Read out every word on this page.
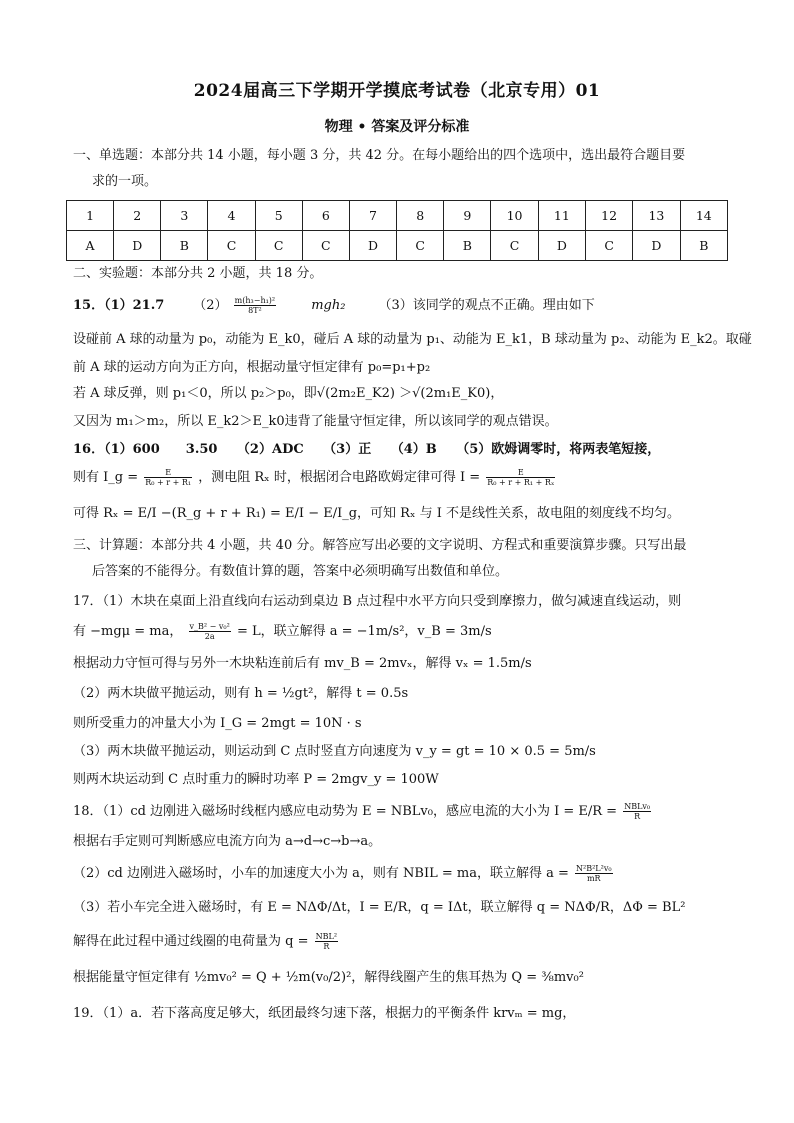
2024届高三下学期开学摸底考试卷（北京专用）01
物理 • 答案及评分标准
一、单选题：本部分共 14 小题，每小题 3 分，共 42 分。在每小题给出的四个选项中，选出最符合题目要
求的一项。
1	2	3	4	5	6	7	8	9	10	11	12	13	14
A	D	B	C	C	C	D	C	B	C	D	C	D	B
二、实验题：本部分共 2 小题，共 18 分。
15．（1）21.7 $(2) \frac{\text{m(h₃−h₁)²}}{\text{8T²}}$	mgh₂	（3）该同学的观点不正确。理由如下
设碰前 A 球的动量为 p₀，动能为 E_k0，碰后 A 球的动量为 p₁、动能为 E_k1，B 球动量为 p₂、动能为 E_k2。取碰
前 A 球的运动方向为正方向，根据动量守恒定律有 p₀=p₁+p₂
若 A 球反弹，则 p₁＜0，所以 p₂＞p₀，即√(2m₂E_K2) ＞√(2m₁E_K0)，
又因为 m₁＞m₂，所以 E_k2＞E_k0违背了能量守恒定律，所以该同学的观点错误。
16．（1）600　　3.50　　（2）ADC　　（3）正　　（4）B　　（5）欧姆调零时，将两表笔短接，
则有 I_g = $\frac{E}{\text{R₀ + r + R₁}}$ ，测电阻 Rₓ 时，根据闭合电路欧姆定律可得 $I = \frac{E}{\text{R₀ + r + R₁ + Rₓ}}$
可得 Rₓ = E/I −(R_g + r + R₁) = E/I − E/I_g，可知 Rₓ 与 I 不是线性关系，故电阻的刻度线不均匀。
三、计算题：本部分共 4 小题，共 40 分。解答应写出必要的文字说明、方程式和重要演算步骤。只写出最
后答案的不能得分。有数值计算的题，答案中必须明确写出数值和单位。
17．（1）木块在桌面上沿直线向右运动到桌边 B 点过程中水平方向只受到摩擦力，做匀减速直线运动，则
有 −mgμ = ma， $\frac{\text{v\_B² − v₀²}}{2a} = L$，联立解得 a = −1m/s²，v_B = 3m/s
根据动力守恒可得与另外一木块粘连前后有 mv_B = 2mvₓ，解得 vₓ = 1.5m/s
（2）两木块做平抛运动，则有 h = ½gt²，解得 t = 0.5s
则所受重力的冲量大小为 I_G = 2mgt = 10N · s
（3）两木块做平抛运动，则运动到 C 点时竖直方向速度为 v_y = gt = 10 × 0.5 = 5m/s
则两木块运动到 C 点时重力的瞬时功率 P = 2mgv_y = 100W
18．（1）cd 边刚进入磁场时线框内感应电动势为 E = NBLv₀，感应电流的大小为 $I = E/R = \frac{\text{NBLv₀}}{R}$
根据右手定则可判断感应电流方向为 a→d→c→b→a。
（2）cd 边刚进入磁场时，小车的加速度大小为 a，则有 NBIL = ma，联立解得 $a = \frac{\text{N²B²L²v₀}}{mR}$
（3）若小车完全进入磁场时，有 E = NΔΦ/Δt，I = E/R，q = IΔt，联立解得 q = NΔΦ/R，ΔΦ = BL²
解得在此过程中通过线圈的电荷量为 $q = \frac{\text{NBL²}}{R}$
根据能量守恒定律有 ½mv₀² = Q + ½m(v₀/2)²，解得线圈产生的焦耳热为 Q = ⅜mv₀²
19．（1）a．若下落高度足够大，纸团最终匀速下落，根据力的平衡条件 krvₘ = mg，
